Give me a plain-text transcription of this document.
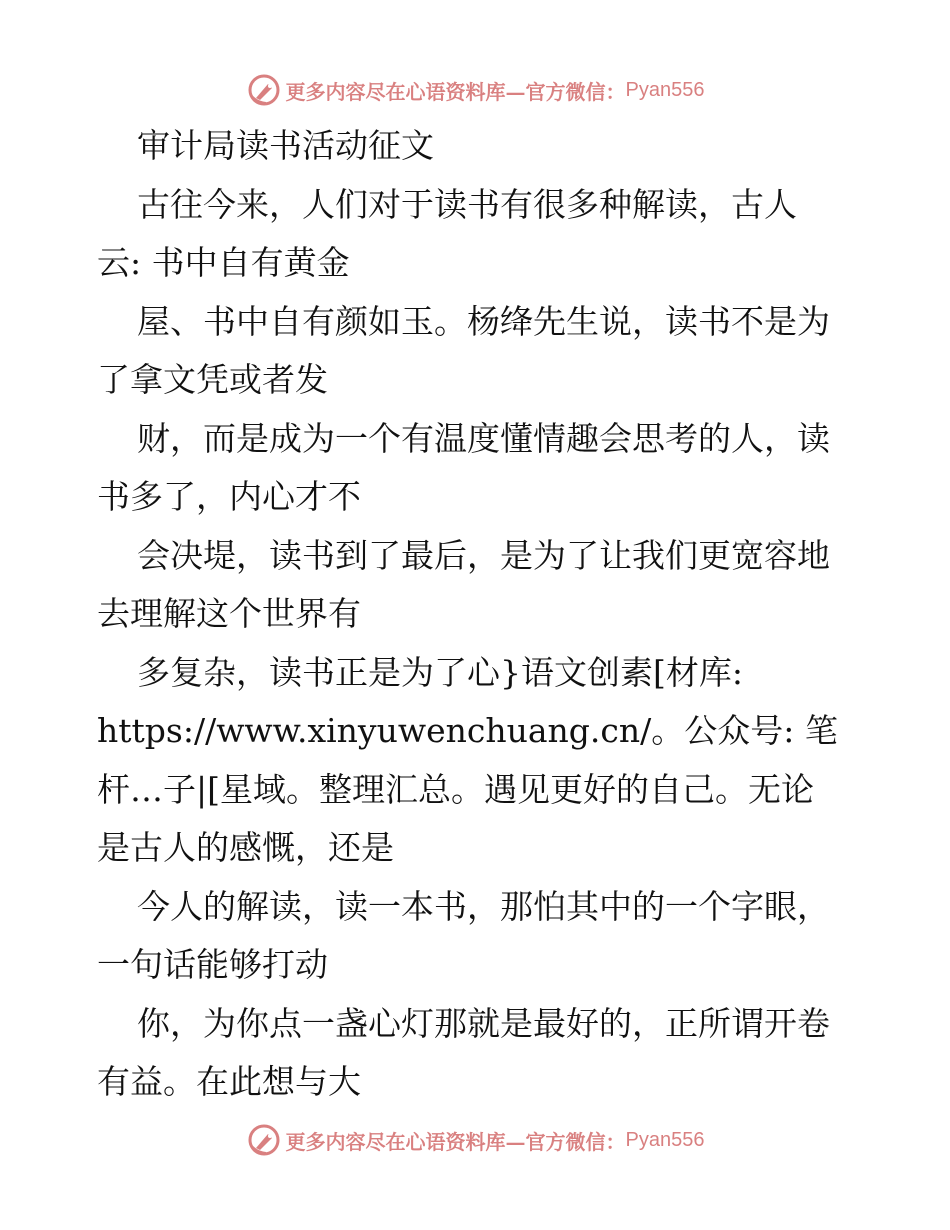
更多内容尽在心语资料库—官方微信： Pyan556
审计局读书活动征文
古往今来，人们对于读书有很多种解读，古人
云: 书中自有黄金
屋、书中自有颜如玉。杨绛先生说，读书不是为
了拿文凭或者发
财，而是成为一个有温度懂情趣会思考的人，读
书多了，内心才不
会决堤，读书到了最后，是为了让我们更宽容地
去理解这个世界有
多复杂，读书正是为了心}语文创素[材库:
https://www.xinyuwenchuang.cn/。公众号: 笔
杆…子|[星域。整理汇总。遇见更好的自己。无论
是古人的感慨，还是
今人的解读，读一本书，那怕其中的一个字眼，
一句话能够打动
你，为你点一盏心灯那就是最好的，正所谓开卷
有益。在此想与大
更多内容尽在心语资料库—官方微信： Pyan556
